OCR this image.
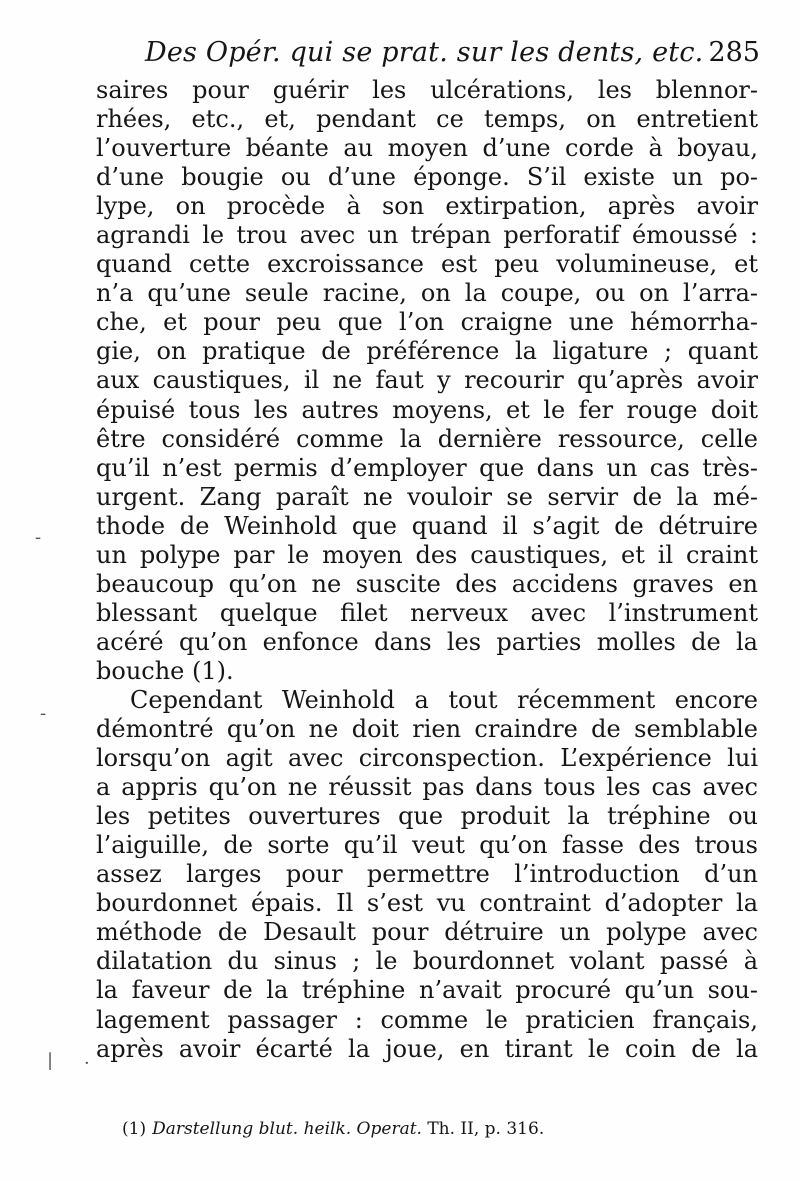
Des Opér. qui se prat. sur les dents, etc. 285
-
-
| ·
saires pour guérir les ulcérations, les blennor-
rhées, etc., et, pendant ce temps, on entretient
l’ouverture béante au moyen d’une corde à boyau,
d’une bougie ou d’une éponge. S’il existe un po-
lype, on procède à son extirpation, après avoir
agrandi le trou avec un trépan perforatif émoussé :
quand cette excroissance est peu volumineuse, et
n’a qu’une seule racine, on la coupe, ou on l’arra-
che, et pour peu que l’on craigne une hémorrha-
gie, on pratique de préférence la ligature ; quant
aux caustiques, il ne faut y recourir qu’après avoir
épuisé tous les autres moyens, et le fer rouge doit
être considéré comme la dernière ressource, celle
qu’il n’est permis d’employer que dans un cas très-
urgent. Zang paraît ne vouloir se servir de la mé-
thode de Weinhold que quand il s’agit de détruire
un polype par le moyen des caustiques, et il craint
beaucoup qu’on ne suscite des accidens graves en
blessant quelque filet nerveux avec l’instrument
acéré qu’on enfonce dans les parties molles de la
bouche (1).
Cependant Weinhold a tout récemment encore
démontré qu’on ne doit rien craindre de semblable
lorsqu’on agit avec circonspection. L’expérience lui
a appris qu’on ne réussit pas dans tous les cas avec
les petites ouvertures que produit la tréphine ou
l’aiguille, de sorte qu’il veut qu’on fasse des trous
assez larges pour permettre l’introduction d’un
bourdonnet épais. Il s’est vu contraint d’adopter la
méthode de Desault pour détruire un polype avec
dilatation du sinus ; le bourdonnet volant passé à
la faveur de la tréphine n’avait procuré qu’un sou-
lagement passager : comme le praticien français,
après avoir écarté la joue, en tirant le coin de la
(1) Darstellung blut. heilk. Operat. Th. II, p. 316.
